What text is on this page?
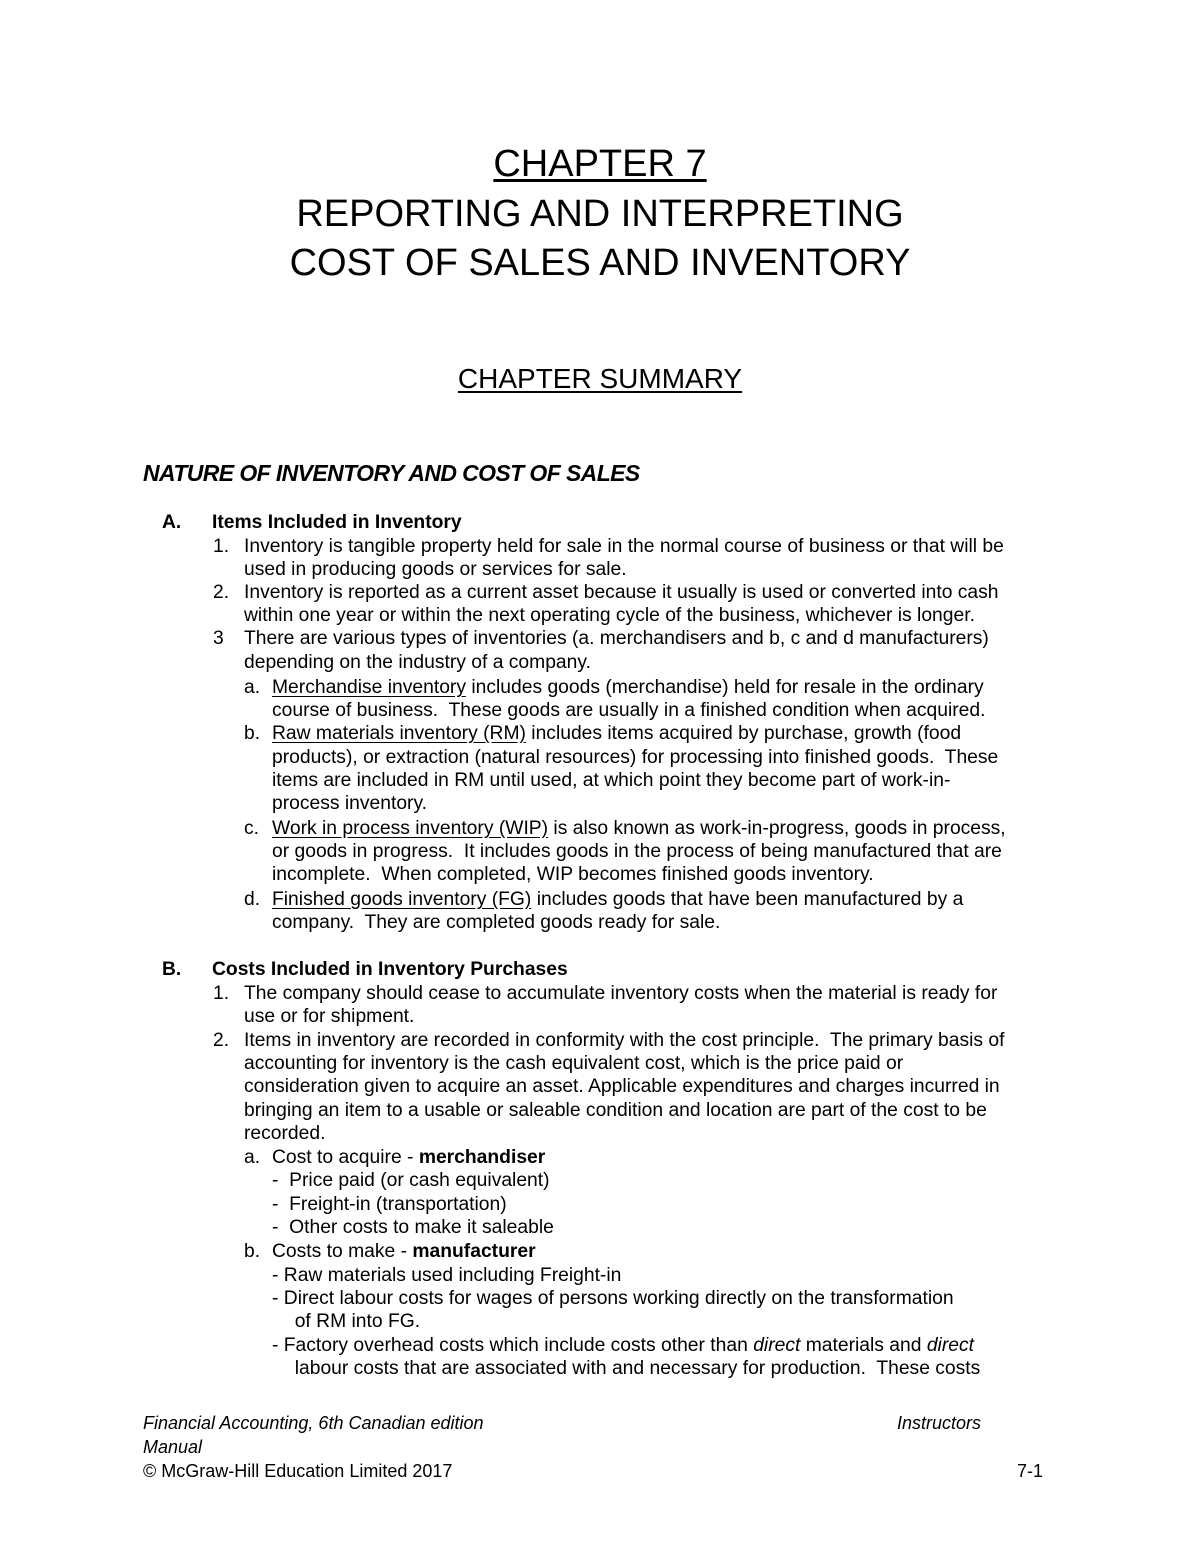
CHAPTER 7
REPORTING AND INTERPRETING
COST OF SALES AND INVENTORY
CHAPTER SUMMARY
NATURE OF INVENTORY AND COST OF SALES
A. Items Included in Inventory
1. Inventory is tangible property held for sale in the normal course of business or that will be
used in producing goods or services for sale.
2. Inventory is reported as a current asset because it usually is used or converted into cash
within one year or within the next operating cycle of the business, whichever is longer.
3 There are various types of inventories (a. merchandisers and b, c and d manufacturers)
depending on the industry of a company.
a. Merchandise inventory includes goods (merchandise) held for resale in the ordinary
course of business.  These goods are usually in a finished condition when acquired.
b. Raw materials inventory (RM) includes items acquired by purchase, growth (food
products), or extraction (natural resources) for processing into finished goods.  These
items are included in RM until used, at which point they become part of work-in-
process inventory.
c. Work in process inventory (WIP) is also known as work-in-progress, goods in process,
or goods in progress.  It includes goods in the process of being manufactured that are
incomplete.  When completed, WIP becomes finished goods inventory.
d. Finished goods inventory (FG) includes goods that have been manufactured by a
company.  They are completed goods ready for sale.
B. Costs Included in Inventory Purchases
1. The company should cease to accumulate inventory costs when the material is ready for
use or for shipment.
2. Items in inventory are recorded in conformity with the cost principle.  The primary basis of
accounting for inventory is the cash equivalent cost, which is the price paid or
consideration given to acquire an asset. Applicable expenditures and charges incurred in
bringing an item to a usable or saleable condition and location are part of the cost to be
recorded.
a. Cost to acquire - merchandiser
-  Price paid (or cash equivalent)
-  Freight-in (transportation)
-  Other costs to make it saleable
b. Costs to make - manufacturer
- Raw materials used including Freight-in
- Direct labour costs for wages of persons working directly on the transformation
of RM into FG.
- Factory overhead costs which include costs other than direct materials and direct
labour costs that are associated with and necessary for production.  These costs
Financial Accounting, 6th Canadian edition	Instructors
Manual
© McGraw-Hill Education Limited 2017	7-1
